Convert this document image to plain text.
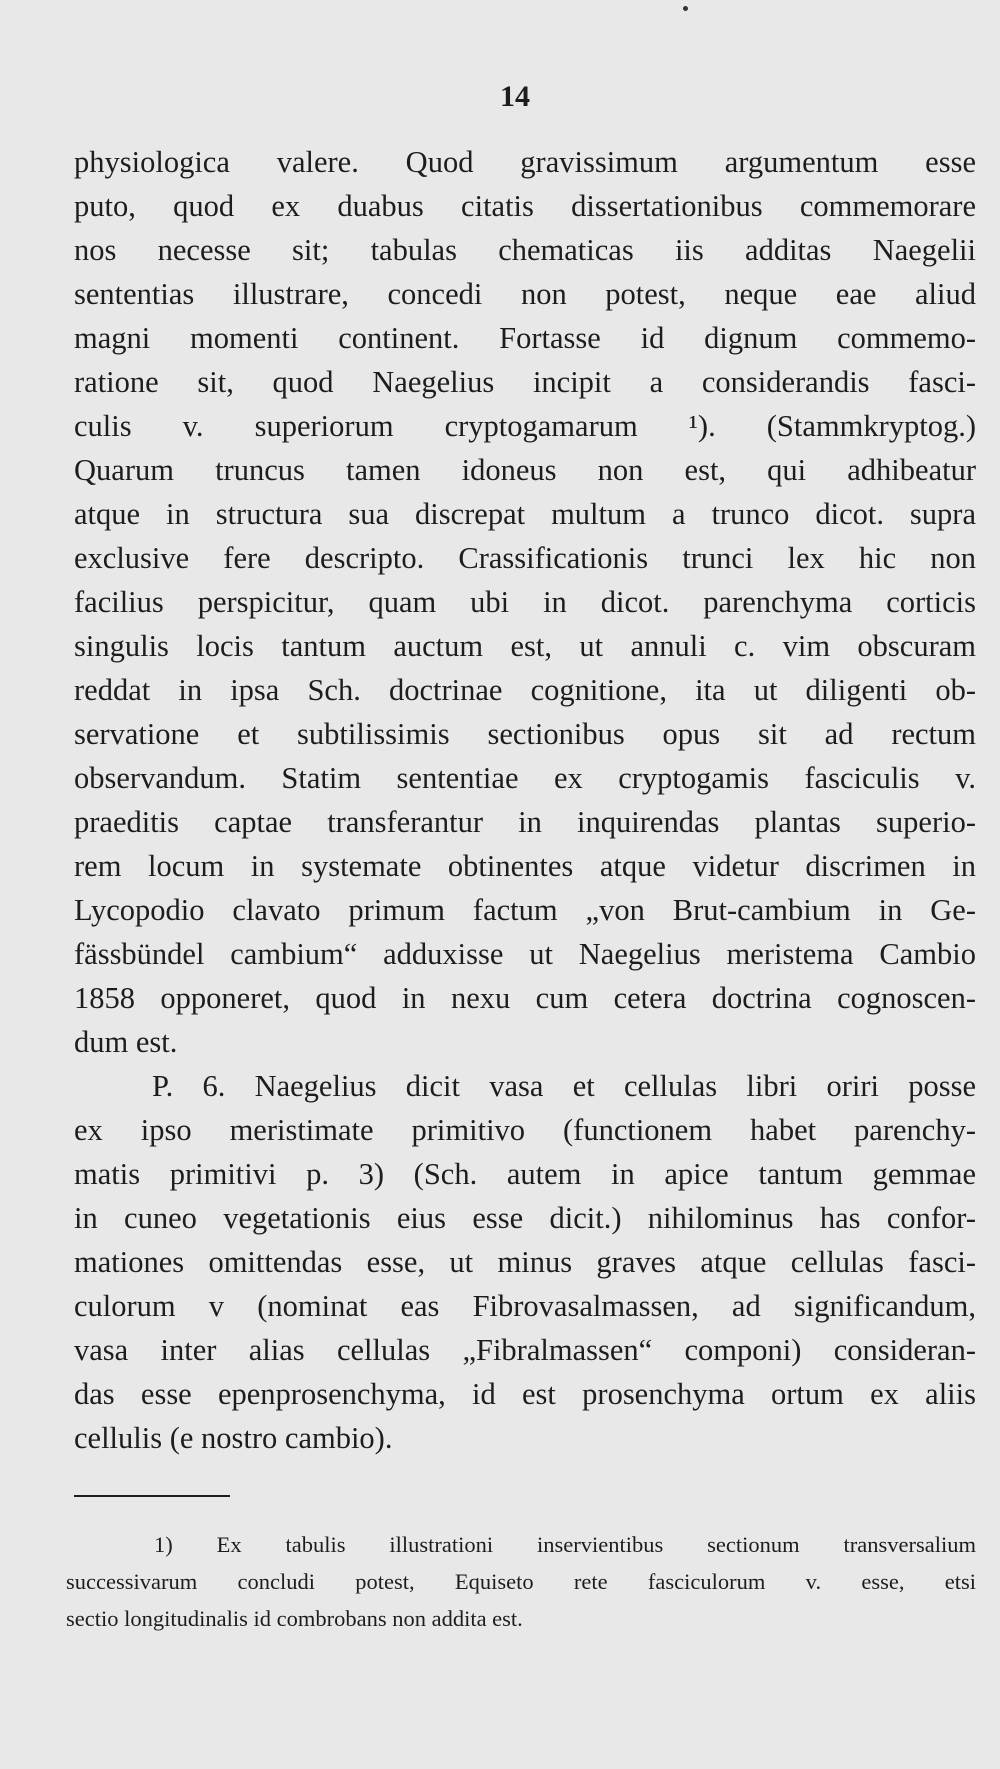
14
physiologica valere. Quod gravissimum argumentum esse
puto, quod ex duabus citatis dissertationibus commemorare
nos necesse sit; tabulas chematicas iis additas Naegelii
sententias illustrare, concedi non potest, neque eae aliud
magni momenti continent. Fortasse id dignum commemo-
ratione sit, quod Naegelius incipit a considerandis fasci-
culis v. superiorum cryptogamarum ¹). (Stammkryptog.)
Quarum truncus tamen idoneus non est, qui adhibeatur
atque in structura sua discrepat multum a trunco dicot. supra
exclusive fere descripto. Crassificationis trunci lex hic non
facilius perspicitur, quam ubi in dicot. parenchyma corticis
singulis locis tantum auctum est, ut annuli c. vim obscuram
reddat in ipsa Sch. doctrinae cognitione, ita ut diligenti ob-
servatione et subtilissimis sectionibus opus sit ad rectum
observandum. Statim sententiae ex cryptogamis fasciculis v.
praeditis captae transferantur in inquirendas plantas superio-
rem locum in systemate obtinentes atque videtur discrimen in
Lycopodio clavato primum factum „von Brut-cambium in Ge-
fässbündel cambium“ adduxisse ut Naegelius meristema Cambio
1858 opponeret, quod in nexu cum cetera doctrina cognoscen-
dum est.
P. 6. Naegelius dicit vasa et cellulas libri oriri posse
ex ipso meristimate primitivo (functionem habet parenchy-
matis primitivi p. 3) (Sch. autem in apice tantum gemmae
in cuneo vegetationis eius esse dicit.) nihilominus has confor-
mationes omittendas esse, ut minus graves atque cellulas fasci-
culorum v (nominat eas Fibrovasalmassen, ad significandum,
vasa inter alias cellulas „Fibralmassen“ componi) consideran-
das esse epenprosenchyma, id est prosenchyma ortum ex aliis
cellulis (e nostro cambio).
1) Ex tabulis illustrationi inservientibus sectionum transversalium
successivarum concludi potest, Equiseto rete fasciculorum v. esse, etsi
sectio longitudinalis id combrobans non addita est.
